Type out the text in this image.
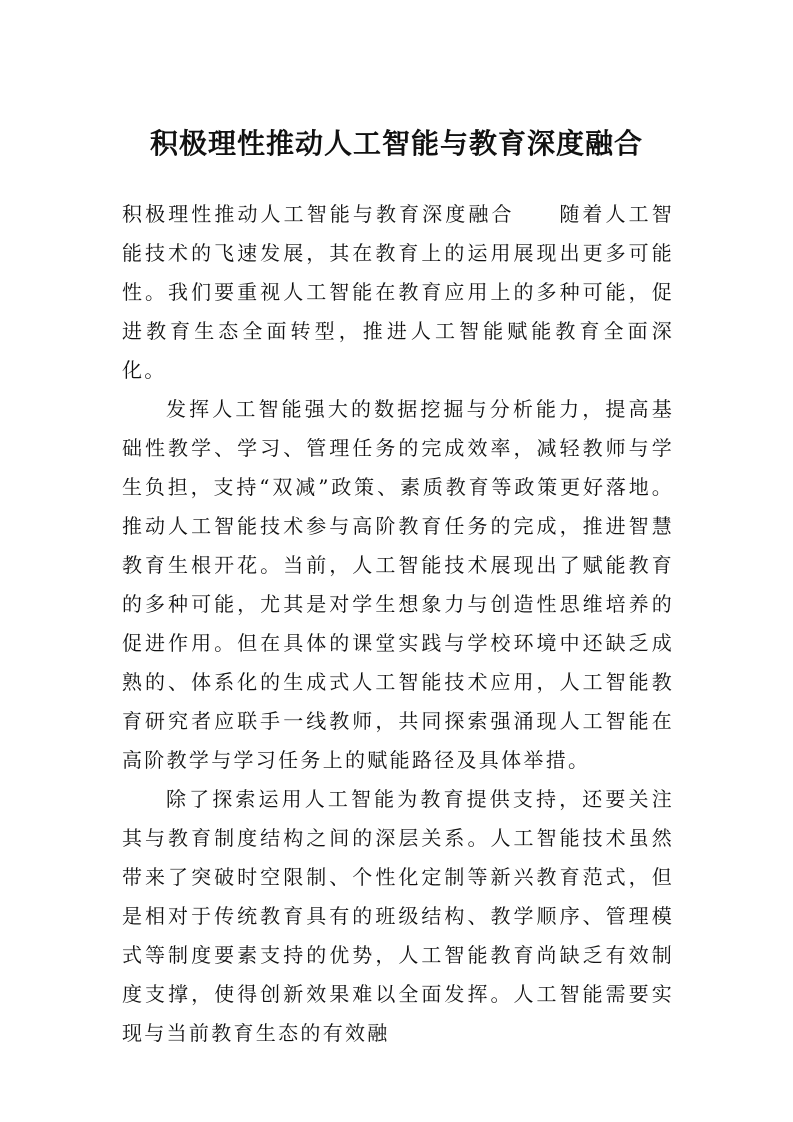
积极理性推动人工智能与教育深度融合

积极理性推动人工智能与教育深度融合 随着人工智能技术的飞速发展，其在教育上的运用展现出更多可能性。我们要重视人工智能在教育应用上的多种可能，促进教育生态全面转型，推进人工智能赋能教育全面深化。

发挥人工智能强大的数据挖掘与分析能力，提高基础性教学、学习、管理任务的完成效率，减轻教师与学生负担，支持“双减”政策、素质教育等政策更好落地。推动人工智能技术参与高阶教育任务的完成，推进智慧教育生根开花。当前，人工智能技术展现出了赋能教育的多种可能，尤其是对学生想象力与创造性思维培养的促进作用。但在具体的课堂实践与学校环境中还缺乏成熟的、体系化的生成式人工智能技术应用，人工智能教育研究者应联手一线教师，共同探索强涌现人工智能在高阶教学与学习任务上的赋能路径及具体举措。

除了探索运用人工智能为教育提供支持，还要关注其与教育制度结构之间的深层关系。人工智能技术虽然带来了突破时空限制、个性化定制等新兴教育范式，但是相对于传统教育具有的班级结构、教学顺序、管理模式等制度要素支持的优势，人工智能教育尚缺乏有效制度支撑，使得创新效果难以全面发挥。人工智能需要实现与当前教育生态的有效融
